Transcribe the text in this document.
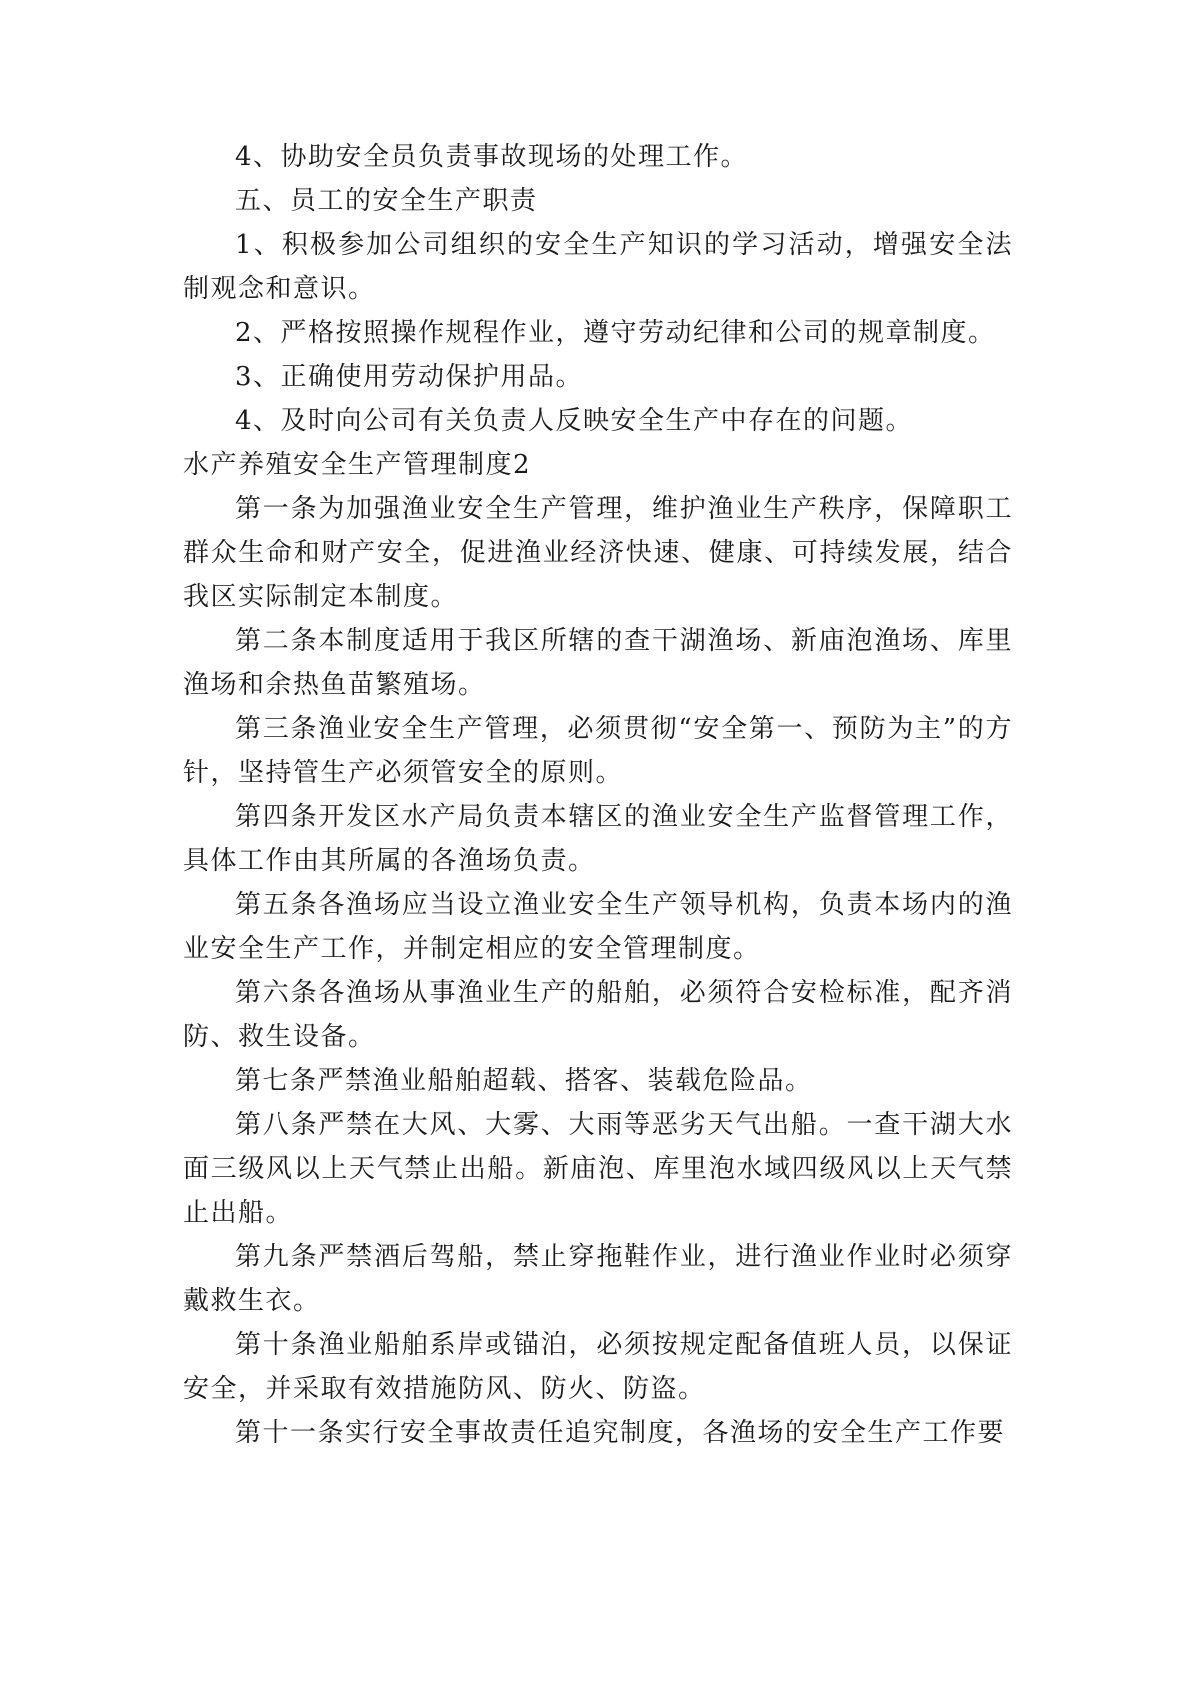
4、协助安全员负责事故现场的处理工作。

五、员工的安全生产职责

1、积极参加公司组织的安全生产知识的学习活动，增强安全法制观念和意识。

2、严格按照操作规程作业，遵守劳动纪律和公司的规章制度。

3、正确使用劳动保护用品。

4、及时向公司有关负责人反映安全生产中存在的问题。

水产养殖安全生产管理制度2

第一条为加强渔业安全生产管理，维护渔业生产秩序，保障职工群众生命和财产安全，促进渔业经济快速、健康、可持续发展，结合我区实际制定本制度。

第二条本制度适用于我区所辖的查干湖渔场、新庙泡渔场、库里渔场和余热鱼苗繁殖场。

第三条渔业安全生产管理，必须贯彻“安全第一、预防为主”的方针，坚持管生产必须管安全的原则。

第四条开发区水产局负责本辖区的渔业安全生产监督管理工作，具体工作由其所属的各渔场负责。

第五条各渔场应当设立渔业安全生产领导机构，负责本场内的渔业安全生产工作，并制定相应的安全管理制度。

第六条各渔场从事渔业生产的船舶，必须符合安检标准，配齐消防、救生设备。

第七条严禁渔业船舶超载、搭客、装载危险品。

第八条严禁在大风、大雾、大雨等恶劣天气出船。一查干湖大水面三级风以上天气禁止出船。新庙泡、库里泡水域四级风以上天气禁止出船。

第九条严禁酒后驾船，禁止穿拖鞋作业，进行渔业作业时必须穿戴救生衣。

第十条渔业船舶系岸或锚泊，必须按规定配备值班人员，以保证安全，并采取有效措施防风、防火、防盗。

第十一条实行安全事故责任追究制度，各渔场的安全生产工作要
